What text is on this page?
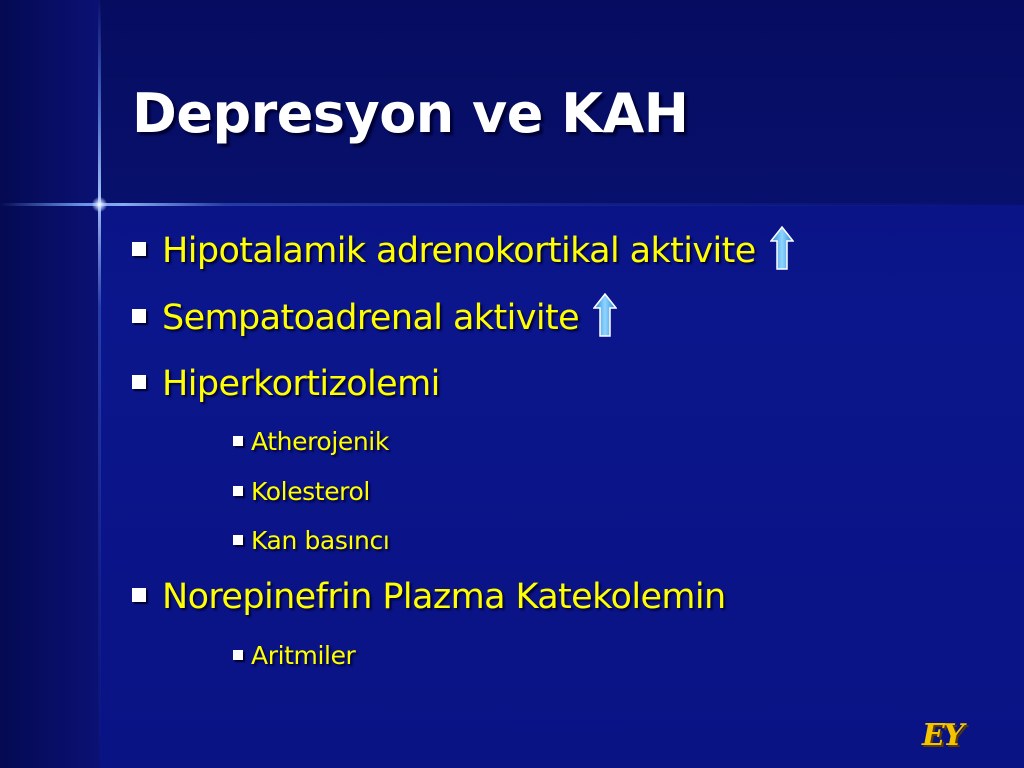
Depresyon ve KAH
Hipotalamik adrenokortikal aktivite
Sempatoadrenal aktivite
Hiperkortizolemi
Atherojenik
Kolesterol
Kan basıncı
Norepinefrin Plazma Katekolemin
Aritmiler
EY
